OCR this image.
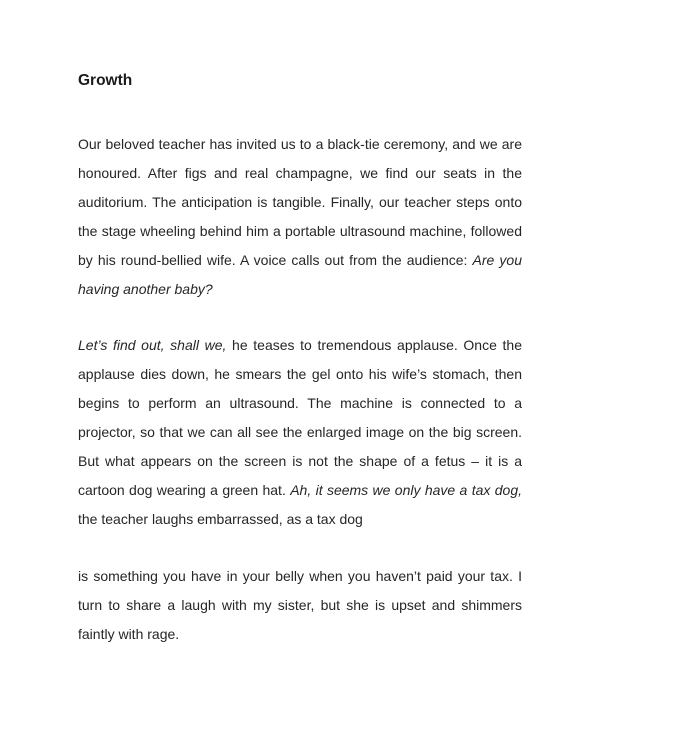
Growth

Our beloved teacher has invited us to a black-tie ceremony, and we are honoured. After figs and real champagne, we find our seats in the auditorium. The anticipation is tangible. Finally, our teacher steps onto the stage wheeling behind him a portable ultrasound machine, followed by his round-bellied wife. A voice calls out from the audience: Are you having another baby?

Let’s find out, shall we, he teases to tremendous applause. Once the applause dies down, he smears the gel onto his wife’s stomach, then begins to perform an ultrasound. The machine is connected to a projector, so that we can all see the enlarged image on the big screen. But what appears on the screen is not the shape of a fetus – it is a cartoon dog wearing a green hat. Ah, it seems we only have a tax dog, the teacher laughs embarrassed, as a tax dog

is something you have in your belly when you haven’t paid your tax. I turn to share a laugh with my sister, but she is upset and shimmers faintly with rage.
